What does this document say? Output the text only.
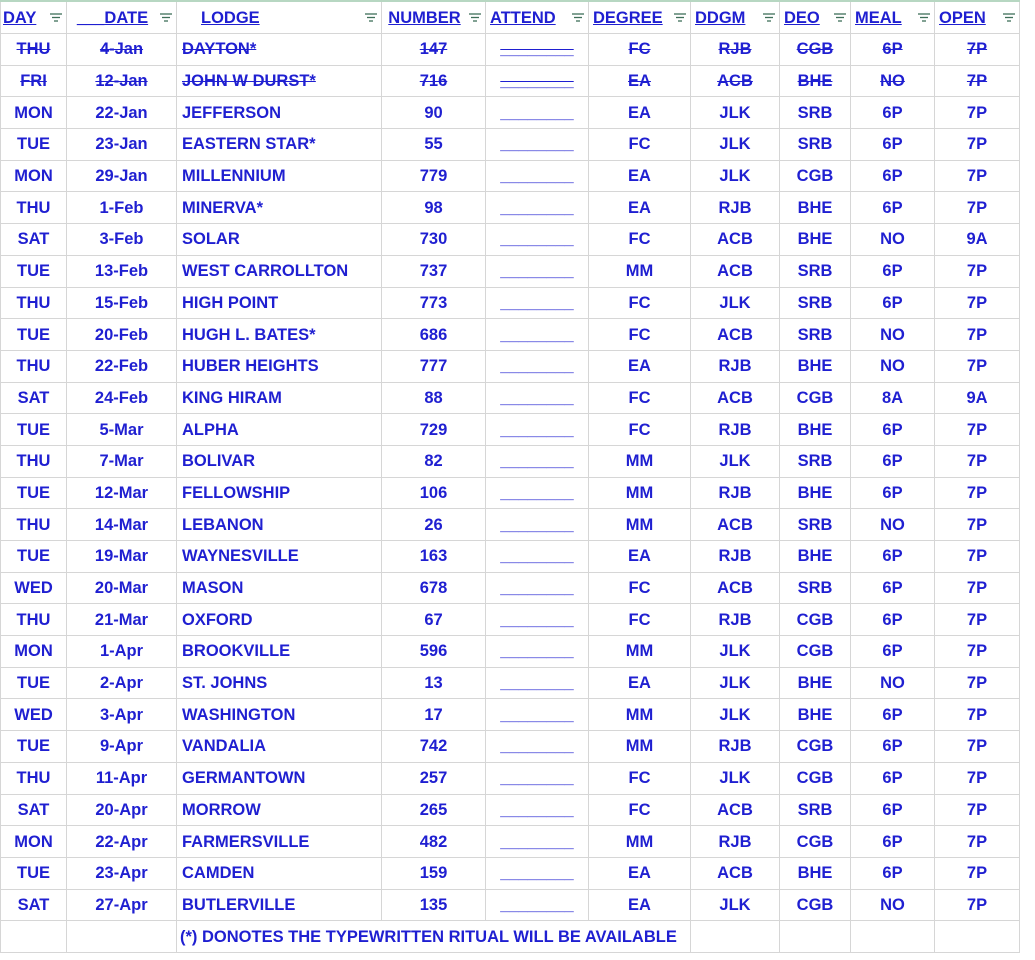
DAY	___DATE	LODGE	NUMBER	ATTEND	DEGREE	DDGM	DEO	MEAL	OPEN

THU	4-Jan	DAYTON*	147	________	FC	RJB	CGB	6P	7P
FRI	12-Jan	JOHN W DURST*	716	________	EA	ACB	BHE	NO	7P
MON	22-Jan	JEFFERSON	90	________	EA	JLK	SRB	6P	7P
TUE	23-Jan	EASTERN STAR*	55	________	FC	JLK	SRB	6P	7P
MON	29-Jan	MILLENNIUM	779	________	EA	JLK	CGB	6P	7P
THU	1-Feb	MINERVA*	98	________	EA	RJB	BHE	6P	7P
SAT	3-Feb	SOLAR	730	________	FC	ACB	BHE	NO	9A
TUE	13-Feb	WEST CARROLLTON	737	________	MM	ACB	SRB	6P	7P
THU	15-Feb	HIGH POINT	773	________	FC	JLK	SRB	6P	7P
TUE	20-Feb	HUGH L. BATES*	686	________	FC	ACB	SRB	NO	7P
THU	22-Feb	HUBER HEIGHTS	777	________	EA	RJB	BHE	NO	7P
SAT	24-Feb	KING HIRAM	88	________	FC	ACB	CGB	8A	9A
TUE	5-Mar	ALPHA	729	________	FC	RJB	BHE	6P	7P
THU	7-Mar	BOLIVAR	82	________	MM	JLK	SRB	6P	7P
TUE	12-Mar	FELLOWSHIP	106	________	MM	RJB	BHE	6P	7P
THU	14-Mar	LEBANON	26	________	MM	ACB	SRB	NO	7P
TUE	19-Mar	WAYNESVILLE	163	________	EA	RJB	BHE	6P	7P
WED	20-Mar	MASON	678	________	FC	ACB	SRB	6P	7P
THU	21-Mar	OXFORD	67	________	FC	RJB	CGB	6P	7P
MON	1-Apr	BROOKVILLE	596	________	MM	JLK	CGB	6P	7P
TUE	2-Apr	ST. JOHNS	13	________	EA	JLK	BHE	NO	7P
WED	3-Apr	WASHINGTON	17	________	MM	JLK	BHE	6P	7P
TUE	9-Apr	VANDALIA	742	________	MM	RJB	CGB	6P	7P
THU	11-Apr	GERMANTOWN	257	________	FC	JLK	CGB	6P	7P
SAT	20-Apr	MORROW	265	________	FC	ACB	SRB	6P	7P
MON	22-Apr	FARMERSVILLE	482	________	MM	RJB	CGB	6P	7P
TUE	23-Apr	CAMDEN	159	________	EA	ACB	BHE	6P	7P
SAT	27-Apr	BUTLERVILLE	135	________	EA	JLK	CGB	NO	7P
		(*) DONOTES THE TYPEWRITTEN RITUAL WILL BE AVAILABLE							
